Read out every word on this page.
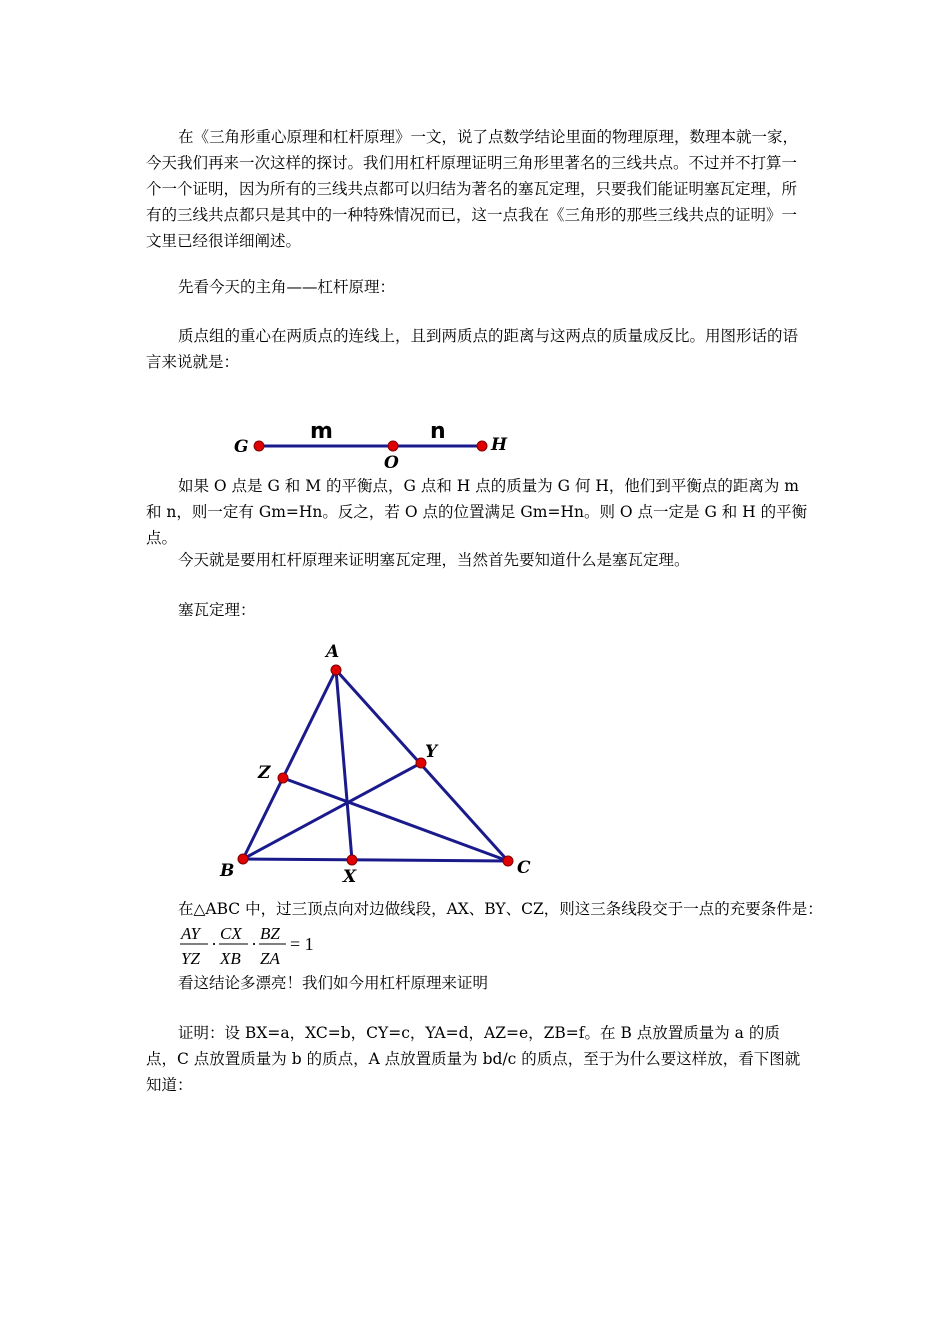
在《三角形重心原理和杠杆原理》一文，说了点数学结论里面的物理原理，数理本就一家，今天我们再来一次这样的探讨。我们用杠杆原理证明三角形里著名的三线共点。不过并不打算一个一个证明，因为所有的三线共点都可以归结为著名的塞瓦定理，只要我们能证明塞瓦定理，所有的三线共点都只是其中的一种特殊情况而已，这一点我在《三角形的那些三线共点的证明》一文里已经很详细阐述。

先看今天的主角——杠杆原理：

质点组的重心在两质点的连线上，且到两质点的距离与这两点的质量成反比。用图形话的语言来说就是：

G
O
H
m	n

如果 O 点是 G 和 M 的平衡点，G 点和 H 点的质量为 G 何 H，他们到平衡点的距离为 m 和 n，则一定有 Gm=Hn。反之，若 O 点的位置满足 Gm=Hn。则 O 点一定是 G 和 H 的平衡点。

今天就是要用杠杆原理来证明塞瓦定理，当然首先要知道什么是塞瓦定理。

塞瓦定理：

A
B	C
X
Y
Z

在△ABC 中，过三顶点向对边做线段，AX、BY、CZ，则这三条线段交于一点的充要条件是：

AY
YZ
·
CX
XB
·
BZ
ZA
= 1

看这结论多漂亮！我们如今用杠杆原理来证明

证明：设 BX=a，XC=b，CY=c，YA=d，AZ=e，ZB=f。在 B 点放置质量为 a 的质点，C 点放置质量为 b 的质点，A 点放置质量为 bd/c 的质点，至于为什么要这样放，看下图就知道：
